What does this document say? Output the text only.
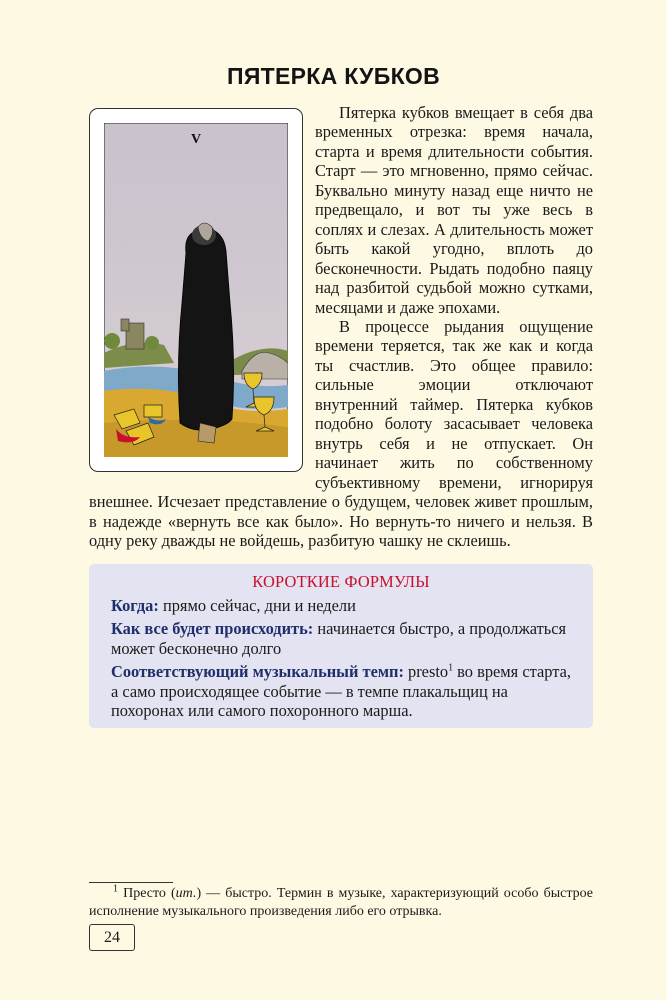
ПЯТЕРКА КУБКОВ
V

Пятерка кубков вмещает в себя два временных отрезка: время начала, старта и время длительности события. Старт — это мгновенно, прямо сейчас. Буквально минуту назад еще ничто не предвещало, и вот ты уже весь в соплях и слезах. А длительность может быть какой угодно, вплоть до бесконечности. Рыдать подобно паяцу над разбитой судьбой можно сутками, месяцами и даже эпохами.

В процессе рыдания ощущение времени теряется, так же как и когда ты счастлив. Это общее правило: сильные эмоции отключают внутренний таймер. Пятерка кубков подобно болоту засасывает человека внутрь себя и не отпускает. Он начинает жить по собственному субъективному времени, игнорируя внешнее. Исчезает представление о будущем, человек живет прошлым, в надежде «вернуть все как было». Но вернуть-то ничего и нельзя. В одну реку дважды не войдешь, разбитую чашку не склеишь.

КОРОТКИЕ ФОРМУЛЫ

Когда: прямо сейчас, дни и недели

Как все будет происходить: начинается быстро, а продолжаться может бесконечно долго

Соответствующий музыкальный темп: presto$^1$ во время старта, а само происходящее событие — в темпе плакальщиц на похоронах или самого похоронного марша.

$^1$ Престо (ит.) — быстро. Термин в музыке, характеризующий особо быстрое исполнение музыкального произведения либо его отрывка.
24
